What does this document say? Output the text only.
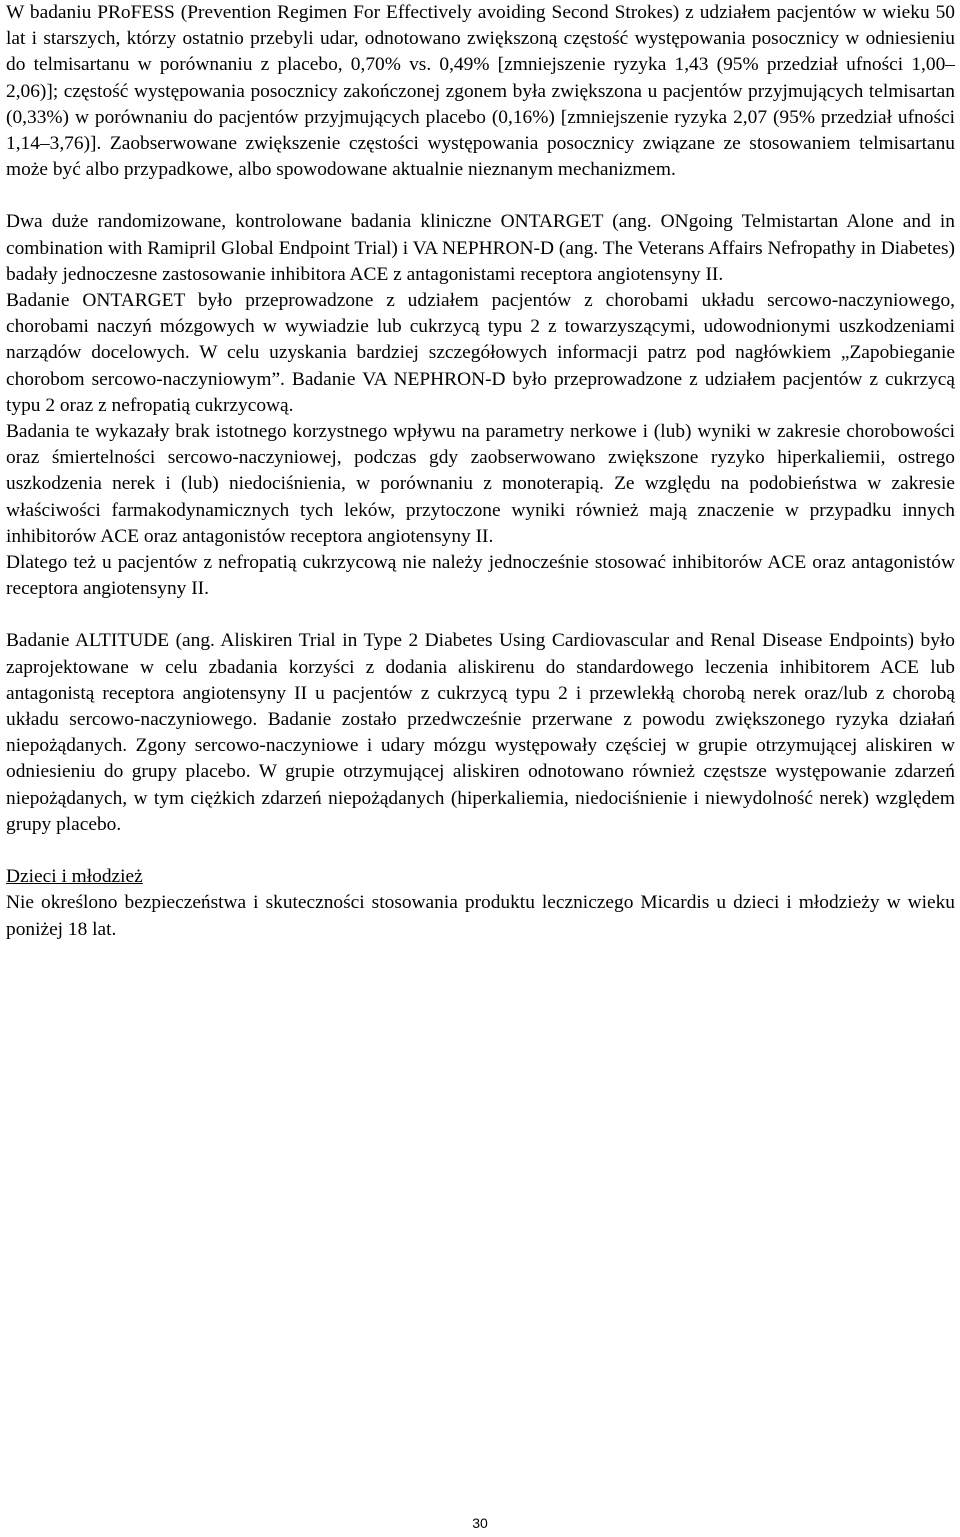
W badaniu PRoFESS (Prevention Regimen For Effectively avoiding Second Strokes) z udziałem pacjentów w wieku 50 lat i starszych, którzy ostatnio przebyli udar, odnotowano zwiększoną częstość występowania posocznicy w odniesieniu do telmisartanu w porównaniu z placebo, 0,70% vs. 0,49% [zmniejszenie ryzyka 1,43 (95% przedział ufności 1,00–2,06)]; częstość występowania posocznicy zakończonej zgonem była zwiększona u pacjentów przyjmujących telmisartan (0,33%) w porównaniu do pacjentów przyjmujących placebo (0,16%) [zmniejszenie ryzyka 2,07 (95% przedział ufności 1,14–3,76)]. Zaobserwowane zwiększenie częstości występowania posocznicy związane ze stosowaniem telmisartanu może być albo przypadkowe, albo spowodowane aktualnie nieznanym mechanizmem.

Dwa duże randomizowane, kontrolowane badania kliniczne ONTARGET (ang. ONgoing Telmistartan Alone and in combination with Ramipril Global Endpoint Trial) i VA NEPHRON-D (ang. The Veterans Affairs Nefropathy in Diabetes) badały jednoczesne zastosowanie inhibitora ACE z antagonistami receptora angiotensyny II.

Badanie ONTARGET było przeprowadzone z udziałem pacjentów z chorobami układu sercowo-naczyniowego, chorobami naczyń mózgowych w wywiadzie lub cukrzycą typu 2 z towarzyszącymi, udowodnionymi uszkodzeniami narządów docelowych. W celu uzyskania bardziej szczegółowych informacji patrz pod nagłówkiem „Zapobieganie chorobom sercowo-naczyniowym”. Badanie VA NEPHRON-D było przeprowadzone z udziałem pacjentów z cukrzycą typu 2 oraz z nefropatią cukrzycową.

Badania te wykazały brak istotnego korzystnego wpływu na parametry nerkowe i (lub) wyniki w zakresie chorobowości oraz śmiertelności sercowo-naczyniowej, podczas gdy zaobserwowano zwiększone ryzyko hiperkaliemii, ostrego uszkodzenia nerek i (lub) niedociśnienia, w porównaniu z monoterapią. Ze względu na podobieństwa w zakresie właściwości farmakodynamicznych tych leków, przytoczone wyniki również mają znaczenie w przypadku innych inhibitorów ACE oraz antagonistów receptora angiotensyny II.

Dlatego też u pacjentów z nefropatią cukrzycową nie należy jednocześnie stosować inhibitorów ACE oraz antagonistów receptora angiotensyny II.

Badanie ALTITUDE (ang. Aliskiren Trial in Type 2 Diabetes Using Cardiovascular and Renal Disease Endpoints) było zaprojektowane w celu zbadania korzyści z dodania aliskirenu do standardowego leczenia inhibitorem ACE lub antagonistą receptora angiotensyny II u pacjentów z cukrzycą typu 2 i przewlekłą chorobą nerek oraz/lub z chorobą układu sercowo-naczyniowego. Badanie zostało przedwcześnie przerwane z powodu zwiększonego ryzyka działań niepożądanych. Zgony sercowo-naczyniowe i udary mózgu występowały częściej w grupie otrzymującej aliskiren w odniesieniu do grupy placebo. W grupie otrzymującej aliskiren odnotowano również częstsze występowanie zdarzeń niepożądanych, w tym ciężkich zdarzeń niepożądanych (hiperkaliemia, niedociśnienie i niewydolność nerek) względem grupy placebo.

Dzieci i młodzież

Nie określono bezpieczeństwa i skuteczności stosowania produktu leczniczego Micardis u dzieci i młodzieży w wieku poniżej 18 lat.

30
